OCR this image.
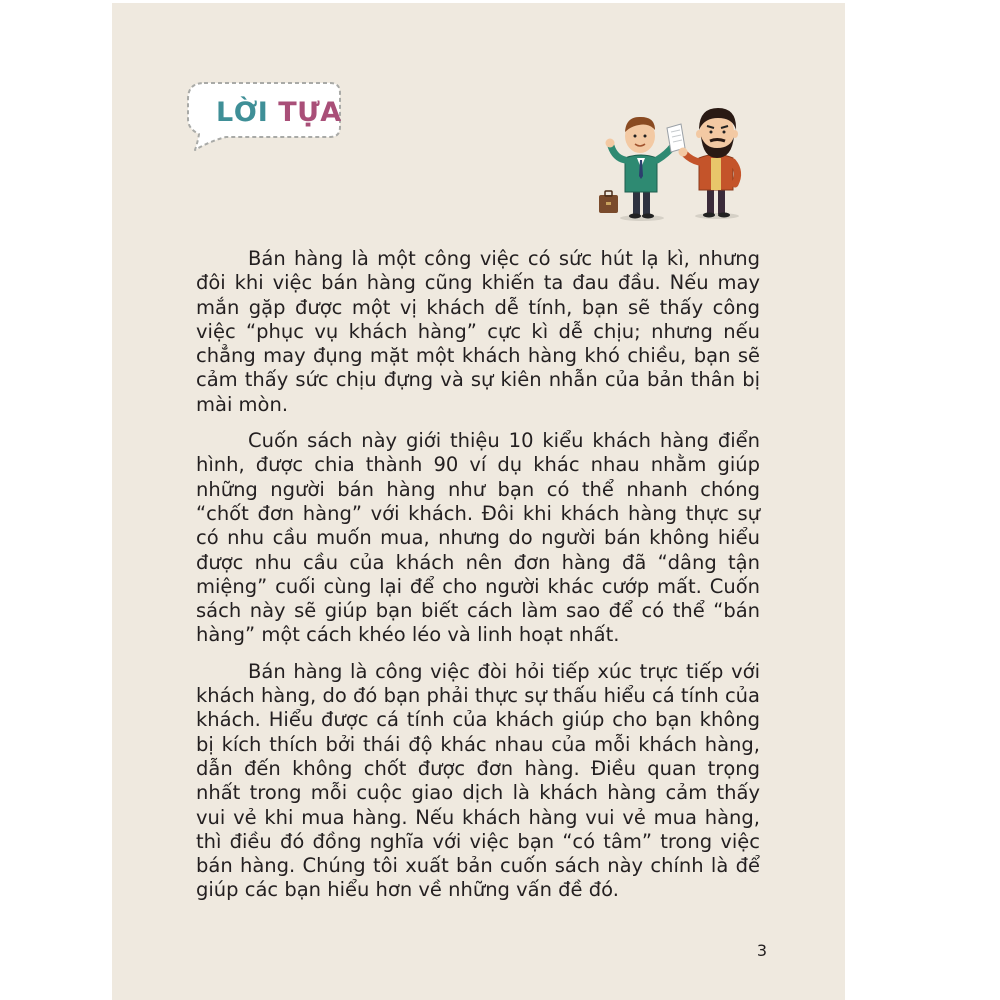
LỜI TỰA

Bán hàng là một công việc có sức hút lạ kì, nhưng đôi khi việc bán hàng cũng khiến ta đau đầu. Nếu may mắn gặp được một vị khách dễ tính, bạn sẽ thấy công việc “phục vụ khách hàng” cực kì dễ chịu; nhưng nếu chẳng may đụng mặt một khách hàng khó chiều, bạn sẽ cảm thấy sức chịu đựng và sự kiên nhẫn của bản thân bị mài mòn.

Cuốn sách này giới thiệu 10 kiểu khách hàng điển hình, được chia thành 90 ví dụ khác nhau nhằm giúp những người bán hàng như bạn có thể nhanh chóng “chốt đơn hàng” với khách. Đôi khi khách hàng thực sự có nhu cầu muốn mua, nhưng do người bán không hiểu được nhu cầu của khách nên đơn hàng đã “dâng tận miệng” cuối cùng lại để cho người khác cướp mất. Cuốn sách này sẽ giúp bạn biết cách làm sao để có thể “bán hàng” một cách khéo léo và linh hoạt nhất.

Bán hàng là công việc đòi hỏi tiếp xúc trực tiếp với khách hàng, do đó bạn phải thực sự thấu hiểu cá tính của khách. Hiểu được cá tính của khách giúp cho bạn không bị kích thích bởi thái độ khác nhau của mỗi khách hàng, dẫn đến không chốt được đơn hàng. Điều quan trọng nhất trong mỗi cuộc giao dịch là khách hàng cảm thấy vui vẻ khi mua hàng. Nếu khách hàng vui vẻ mua hàng, thì điều đó đồng nghĩa với việc bạn “có tâm” trong việc bán hàng. Chúng tôi xuất bản cuốn sách này chính là để giúp các bạn hiểu hơn về những vấn đề đó.

3
